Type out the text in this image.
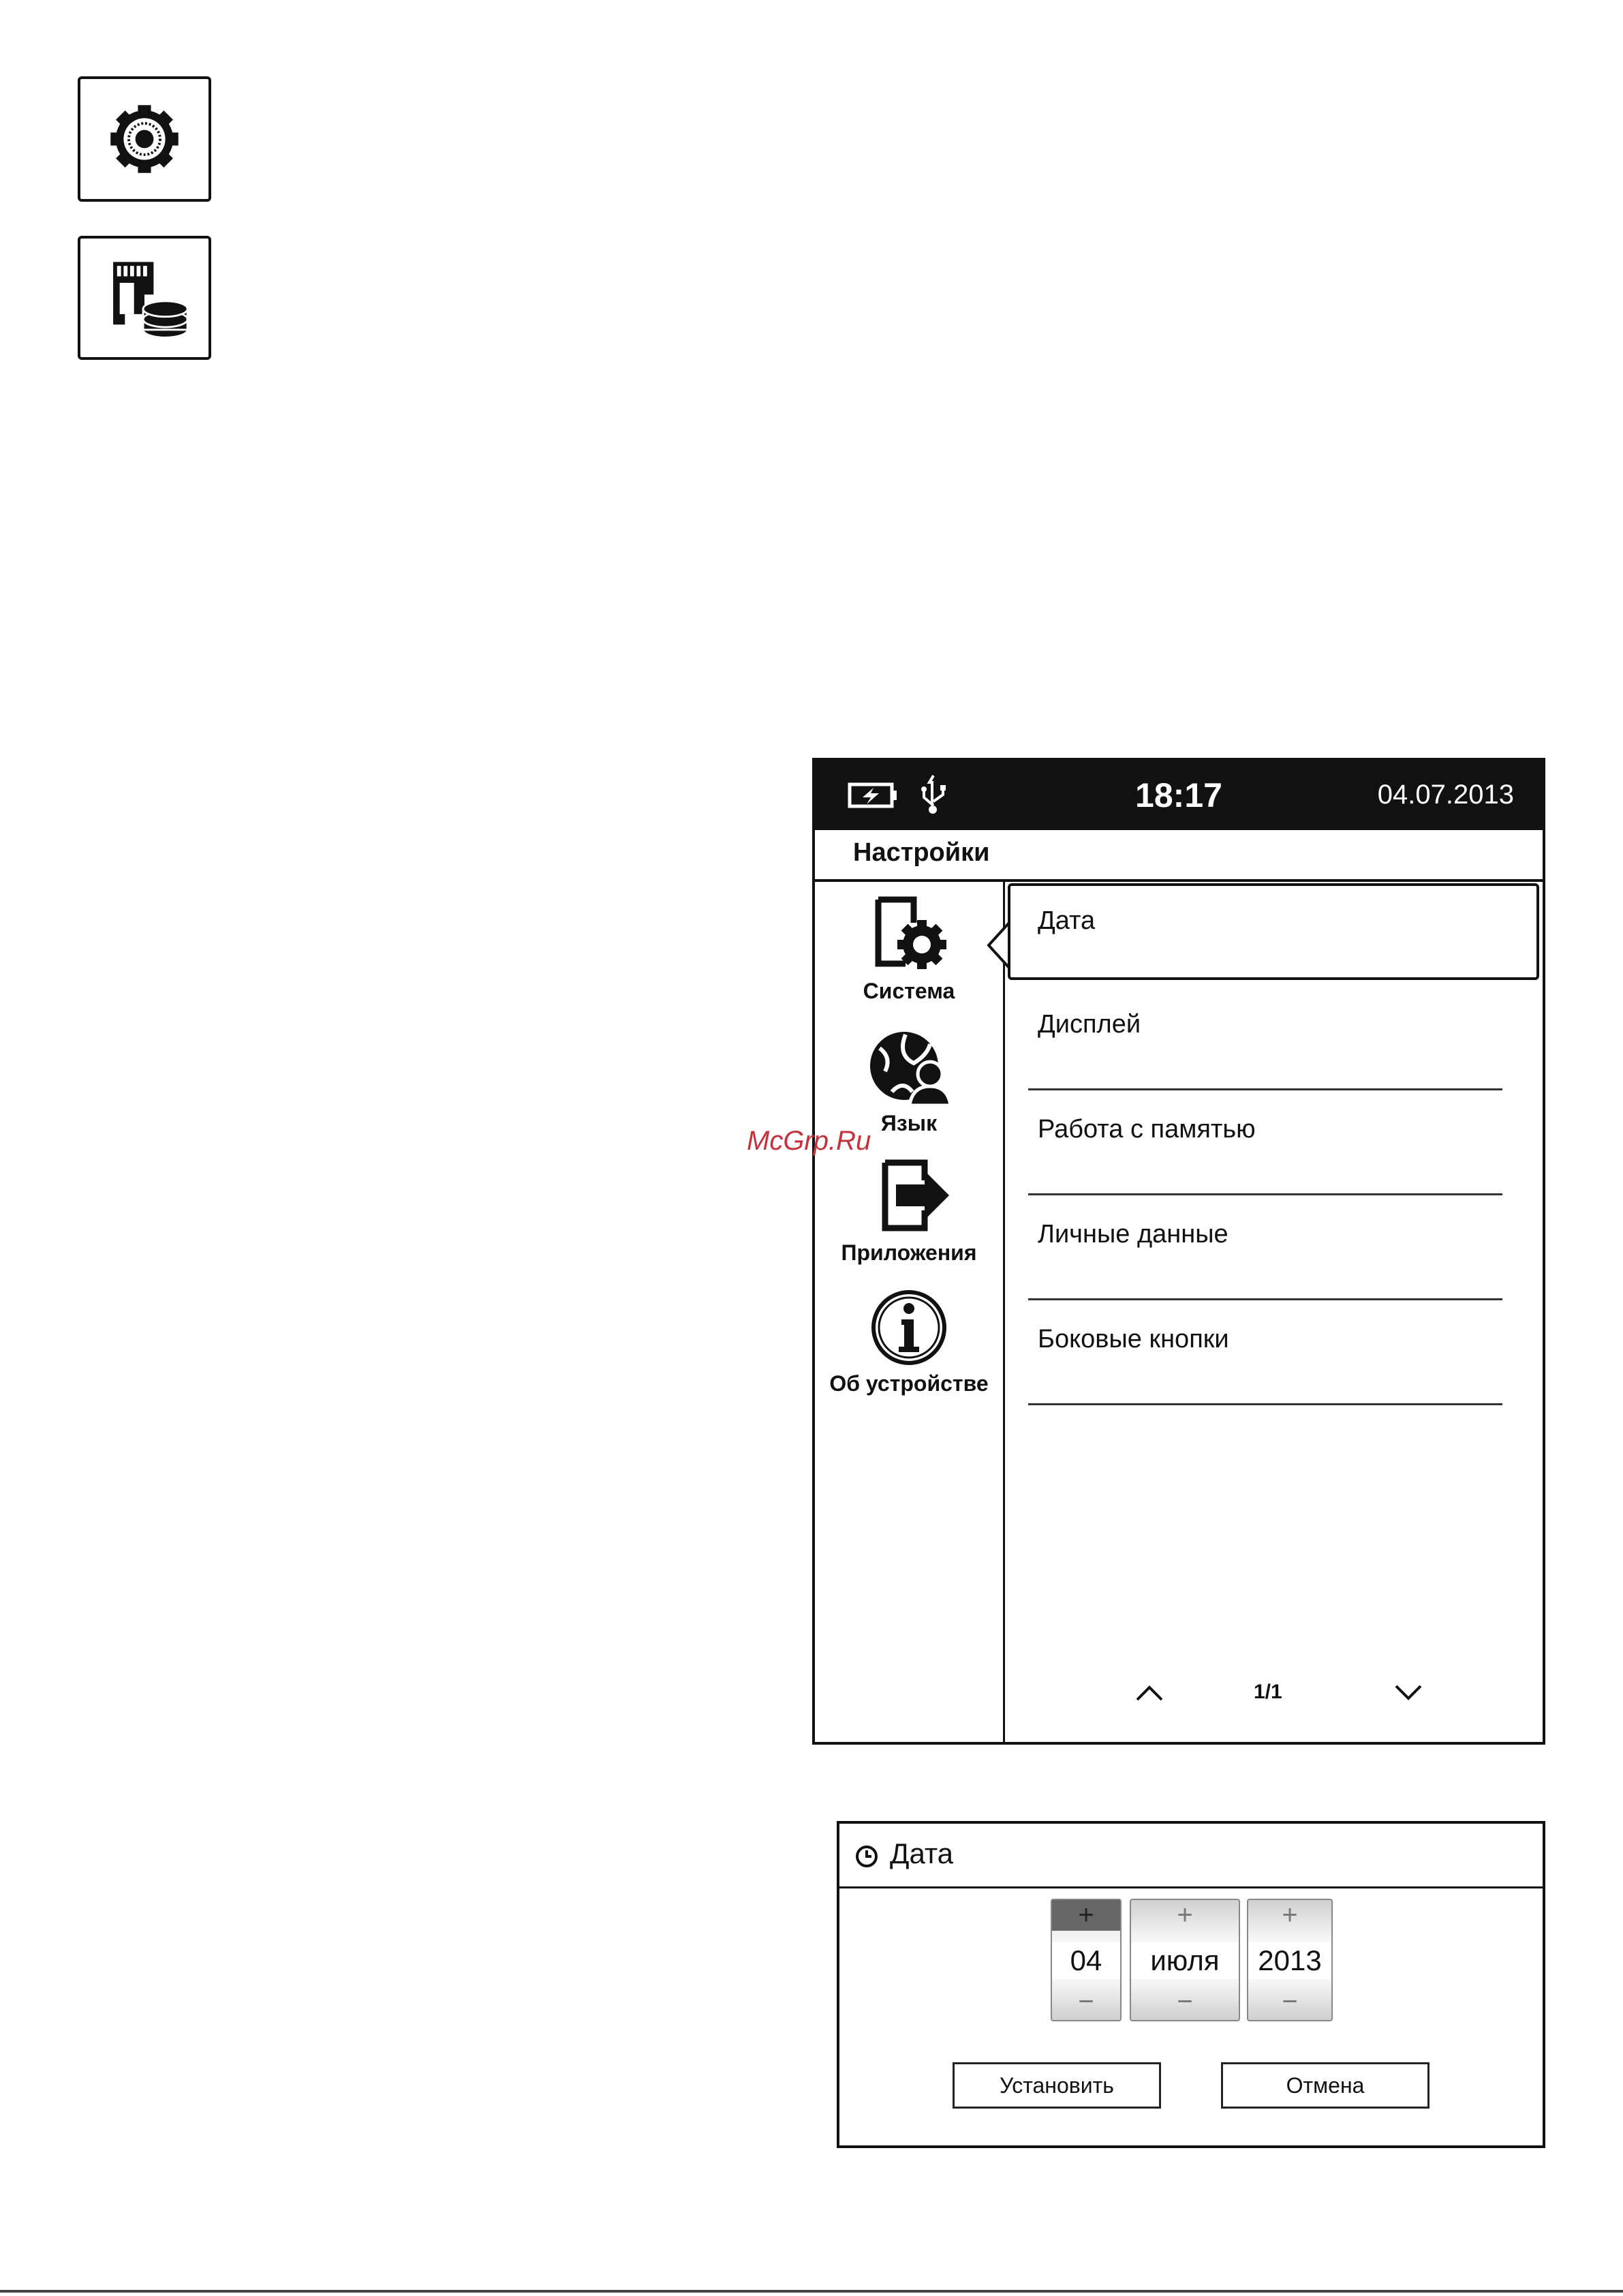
18:17	04.07.2013
Настройки
Система
Язык
Приложения
Об устройстве
Дата
Дисплей
Работа с памятью
Личные данные
Боковые кнопки
1/1
McGrp.Ru
Дата
+
04
−
+
июля
−
+
2013
−
Установить	Отмена
